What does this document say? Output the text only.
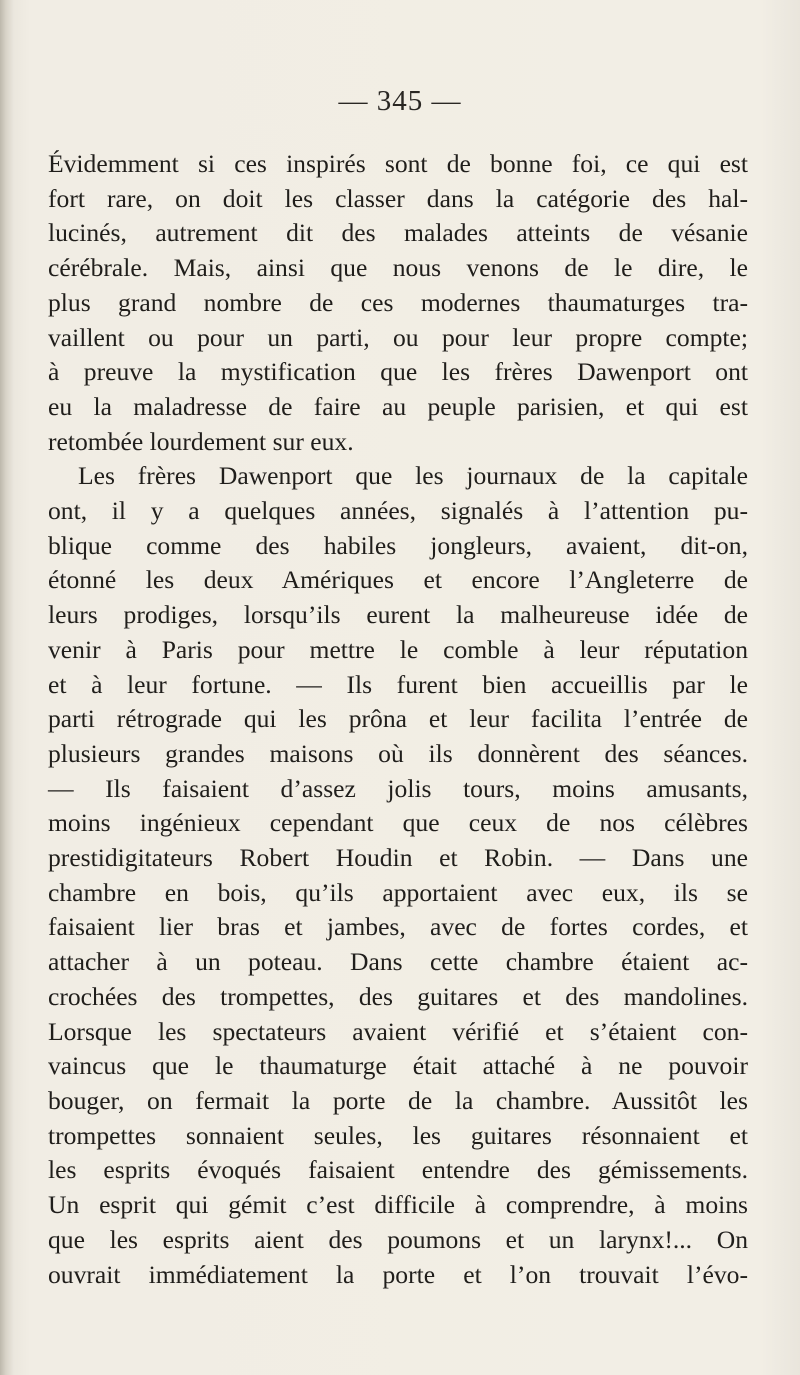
— 345 —
Évidemment si ces inspirés sont de bonne foi, ce qui est
fort rare, on doit les classer dans la catégorie des hal-
lucinés, autrement dit des malades atteints de vésanie
cérébrale. Mais, ainsi que nous venons de le dire, le
plus grand nombre de ces modernes thaumaturges tra-
vaillent ou pour un parti, ou pour leur propre compte;
à preuve la mystification que les frères Dawenport ont
eu la maladresse de faire au peuple parisien, et qui est
retombée lourdement sur eux.
Les frères Dawenport que les journaux de la capitale
ont, il y a quelques années, signalés à l’attention pu-
blique comme des habiles jongleurs, avaient, dit-on,
étonné les deux Amériques et encore l’Angleterre de
leurs prodiges, lorsqu’ils eurent la malheureuse idée de
venir à Paris pour mettre le comble à leur réputation
et à leur fortune. — Ils furent bien accueillis par le
parti rétrograde qui les prôna et leur facilita l’entrée de
plusieurs grandes maisons où ils donnèrent des séances.
— Ils faisaient d’assez jolis tours, moins amusants,
moins ingénieux cependant que ceux de nos célèbres
prestidigitateurs Robert Houdin et Robin. — Dans une
chambre en bois, qu’ils apportaient avec eux, ils se
faisaient lier bras et jambes, avec de fortes cordes, et
attacher à un poteau. Dans cette chambre étaient ac-
crochées des trompettes, des guitares et des mandolines.
Lorsque les spectateurs avaient vérifié et s’étaient con-
vaincus que le thaumaturge était attaché à ne pouvoir
bouger, on fermait la porte de la chambre. Aussitôt les
trompettes sonnaient seules, les guitares résonnaient et
les esprits évoqués faisaient entendre des gémissements.
Un esprit qui gémit c’est difficile à comprendre, à moins
que les esprits aient des poumons et un larynx!... On
ouvrait immédiatement la porte et l’on trouvait l’évo-
